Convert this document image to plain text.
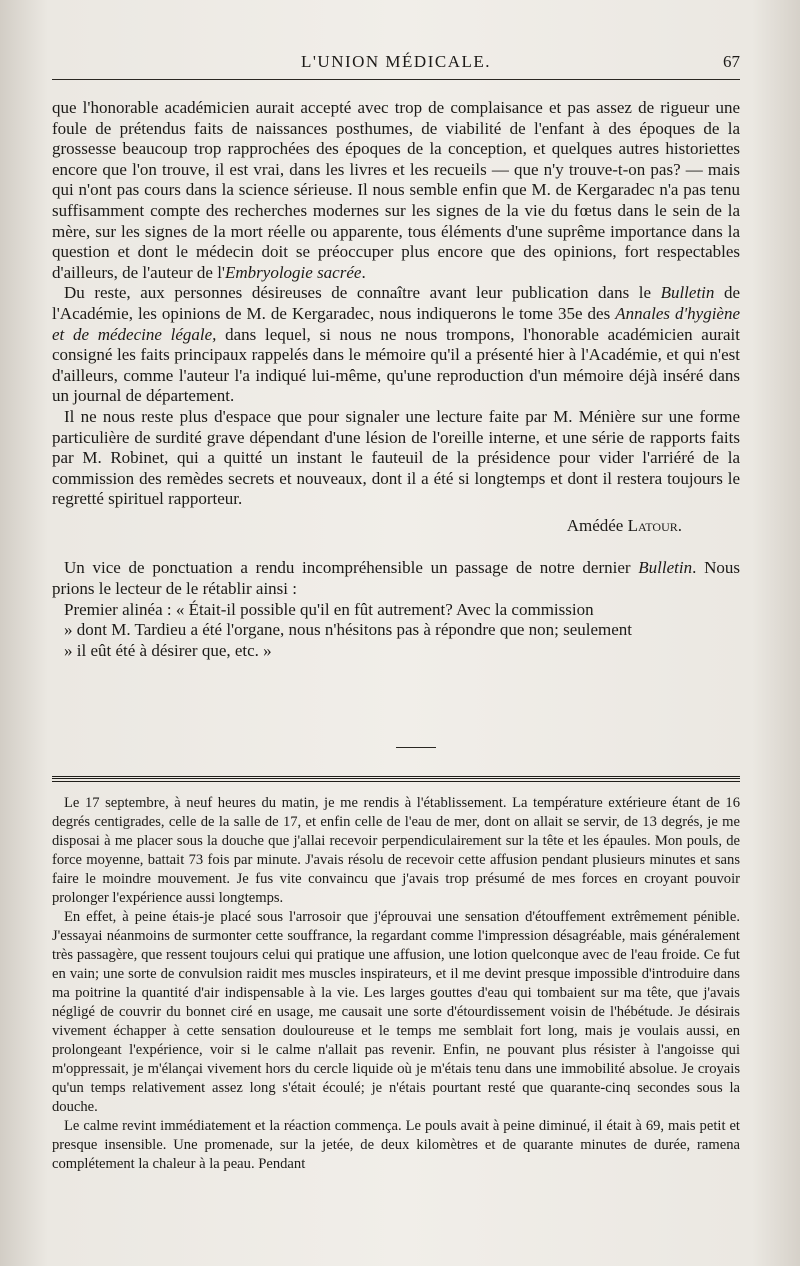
L'UNION MÉDICALE.	67

que l'honorable académicien aurait accepté avec trop de complaisance et pas assez de rigueur une foule de prétendus faits de naissances posthumes, de viabilité de l'enfant à des époques de la grossesse beaucoup trop rapprochées des époques de la conception, et quelques autres historiettes encore que l'on trouve, il est vrai, dans les livres et les recueils — que n'y trouve-t-on pas? — mais qui n'ont pas cours dans la science sérieuse. Il nous semble enfin que M. de Kergaradec n'a pas tenu suffisamment compte des recherches modernes sur les signes de la vie du fœtus dans le sein de la mère, sur les signes de la mort réelle ou apparente, tous éléments d'une suprême importance dans la question et dont le médecin doit se préoccuper plus encore que des opinions, fort respectables d'ailleurs, de l'auteur de l'Embryologie sacrée.

Du reste, aux personnes désireuses de connaître avant leur publication dans le Bulletin de l'Académie, les opinions de M. de Kergaradec, nous indiquerons le tome 35e des Annales d'hygiène et de médecine légale, dans lequel, si nous ne nous trompons, l'honorable académicien aurait consigné les faits principaux rappelés dans le mémoire qu'il a présenté hier à l'Académie, et qui n'est d'ailleurs, comme l'auteur l'a indiqué lui-même, qu'une reproduction d'un mémoire déjà inséré dans un journal de département.

Il ne nous reste plus d'espace que pour signaler une lecture faite par M. Ménière sur une forme particulière de surdité grave dépendant d'une lésion de l'oreille interne, et une série de rapports faits par M. Robinet, qui a quitté un instant le fauteuil de la présidence pour vider l'arriéré de la commission des remèdes secrets et nouveaux, dont il a été si longtemps et dont il restera toujours le regretté spirituel rapporteur.

Amédée Latour.

Un vice de ponctuation a rendu incompréhensible un passage de notre dernier Bulletin. Nous prions le lecteur de le rétablir ainsi :

Premier alinéa : « Était-il possible qu'il en fût autrement? Avec la commission

» dont M. Tardieu a été l'organe, nous n'hésitons pas à répondre que non; seulement

» il eût été à désirer que, etc. »

Le 17 septembre, à neuf heures du matin, je me rendis à l'établissement. La température extérieure étant de 16 degrés centigrades, celle de la salle de 17, et enfin celle de l'eau de mer, dont on allait se servir, de 13 degrés, je me disposai à me placer sous la douche que j'allai recevoir perpendiculairement sur la tête et les épaules. Mon pouls, de force moyenne, battait 73 fois par minute. J'avais résolu de recevoir cette affusion pendant plusieurs minutes et sans faire le moindre mouvement. Je fus vite convaincu que j'avais trop présumé de mes forces en croyant pouvoir prolonger l'expérience aussi longtemps.

En effet, à peine étais-je placé sous l'arrosoir que j'éprouvai une sensation d'étouffement extrêmement pénible. J'essayai néanmoins de surmonter cette souffrance, la regardant comme l'impression désagréable, mais généralement très passagère, que ressent toujours celui qui pratique une affusion, une lotion quelconque avec de l'eau froide. Ce fut en vain; une sorte de convulsion raidit mes muscles inspirateurs, et il me devint presque impossible d'introduire dans ma poitrine la quantité d'air indispensable à la vie. Les larges gouttes d'eau qui tombaient sur ma tête, que j'avais négligé de couvrir du bonnet ciré en usage, me causait une sorte d'étourdissement voisin de l'hébétude. Je désirais vivement échapper à cette sensation douloureuse et le temps me semblait fort long, mais je voulais aussi, en prolongeant l'expérience, voir si le calme n'allait pas revenir. Enfin, ne pouvant plus résister à l'angoisse qui m'oppressait, je m'élançai vivement hors du cercle liquide où je m'étais tenu dans une immobilité absolue. Je croyais qu'un temps relativement assez long s'était écoulé; je n'étais pourtant resté que quarante-cinq secondes sous la douche.

Le calme revint immédiatement et la réaction commença. Le pouls avait à peine diminué, il était à 69, mais petit et presque insensible. Une promenade, sur la jetée, de deux kilomètres et de quarante minutes de durée, ramena complétement la chaleur à la peau. Pendant
